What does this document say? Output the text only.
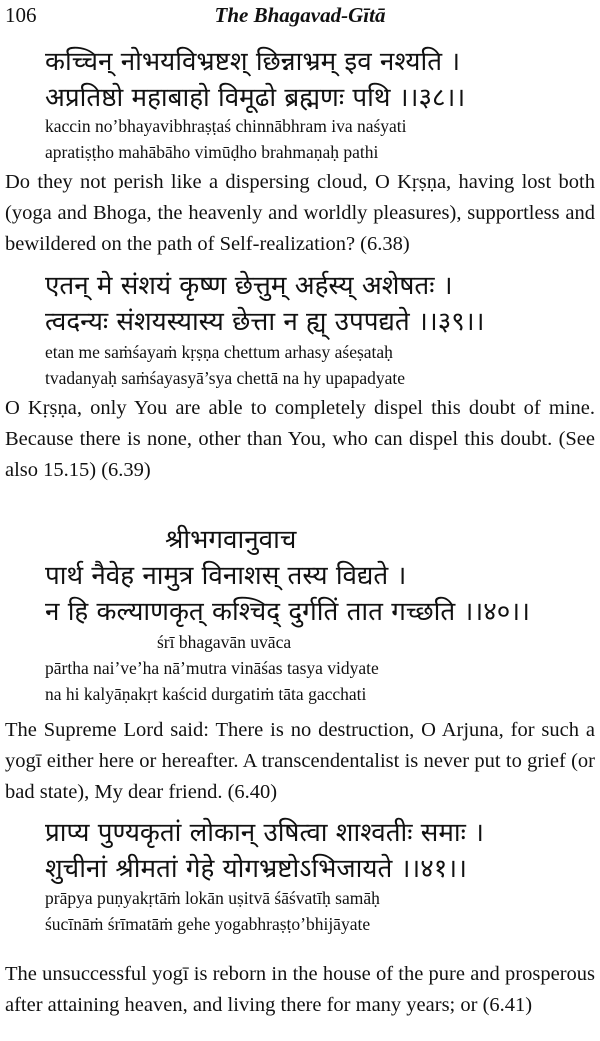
106	The Bhagavad-Gītā
कच्चिन् नोभयविभ्रष्टश् छिन्नाभ्रम् इव नश्यति ।
अप्रतिष्ठो महाबाहो विमूढो ब्रह्मणः पथि ।।३८।।
kaccin no’bhayavibhraṣṭaś chinnābhram iva naśyati
apratiṣṭho mahābāho vimūḍho brahmaṇaḥ pathi
Do they not perish like a dispersing cloud, O Kṛṣṇa, having lost both (yoga and Bhoga, the heavenly and worldly pleasures), supportless and bewildered on the path of Self-realization? (6.38)
एतन् मे संशयं कृष्ण छेत्तुम् अर्हस्य् अशेषतः ।
त्वदन्यः संशयस्यास्य छेत्ता न ह्य् उपपद्यते ।।३९।।
etan me saṁśayaṁ kṛṣṇa chettum arhasy aśeṣataḥ
tvadanyaḥ saṁśayasyā’sya chettā na hy upapadyate
O Kṛṣṇa, only You are able to completely dispel this doubt of mine. Because there is none, other than You, who can dispel this doubt. (See also 15.15) (6.39)
श्रीभगवानुवाच
पार्थ नैवेह नामुत्र विनाशस् तस्य विद्यते ।
न हि कल्याणकृत् कश्चिद् दुर्गतिं तात गच्छति ।।४०।।
śrī bhagavān uvāca
pārtha nai’ve’ha nā’mutra vināśas tasya vidyate
na hi kalyāṇakṛt kaścid durgatiṁ tāta gacchati
The Supreme Lord said: There is no destruction, O Arjuna, for such a yogī either here or hereafter. A transcendentalist is never put to grief (or bad state), My dear friend. (6.40)
प्राप्य पुण्यकृतां लोकान् उषित्वा शाश्वतीः समाः ।
शुचीनां श्रीमतां गेहे योगभ्रष्टोऽभिजायते ।।४१।।
prāpya puṇyakṛtāṁ lokān uṣitvā śāśvatīḥ samāḥ
śucīnāṁ śrīmatāṁ gehe yogabhraṣṭo’bhijāyate
The unsuccessful yogī is reborn in the house of the pure and prosperous after attaining heaven, and living there for many years; or (6.41)
